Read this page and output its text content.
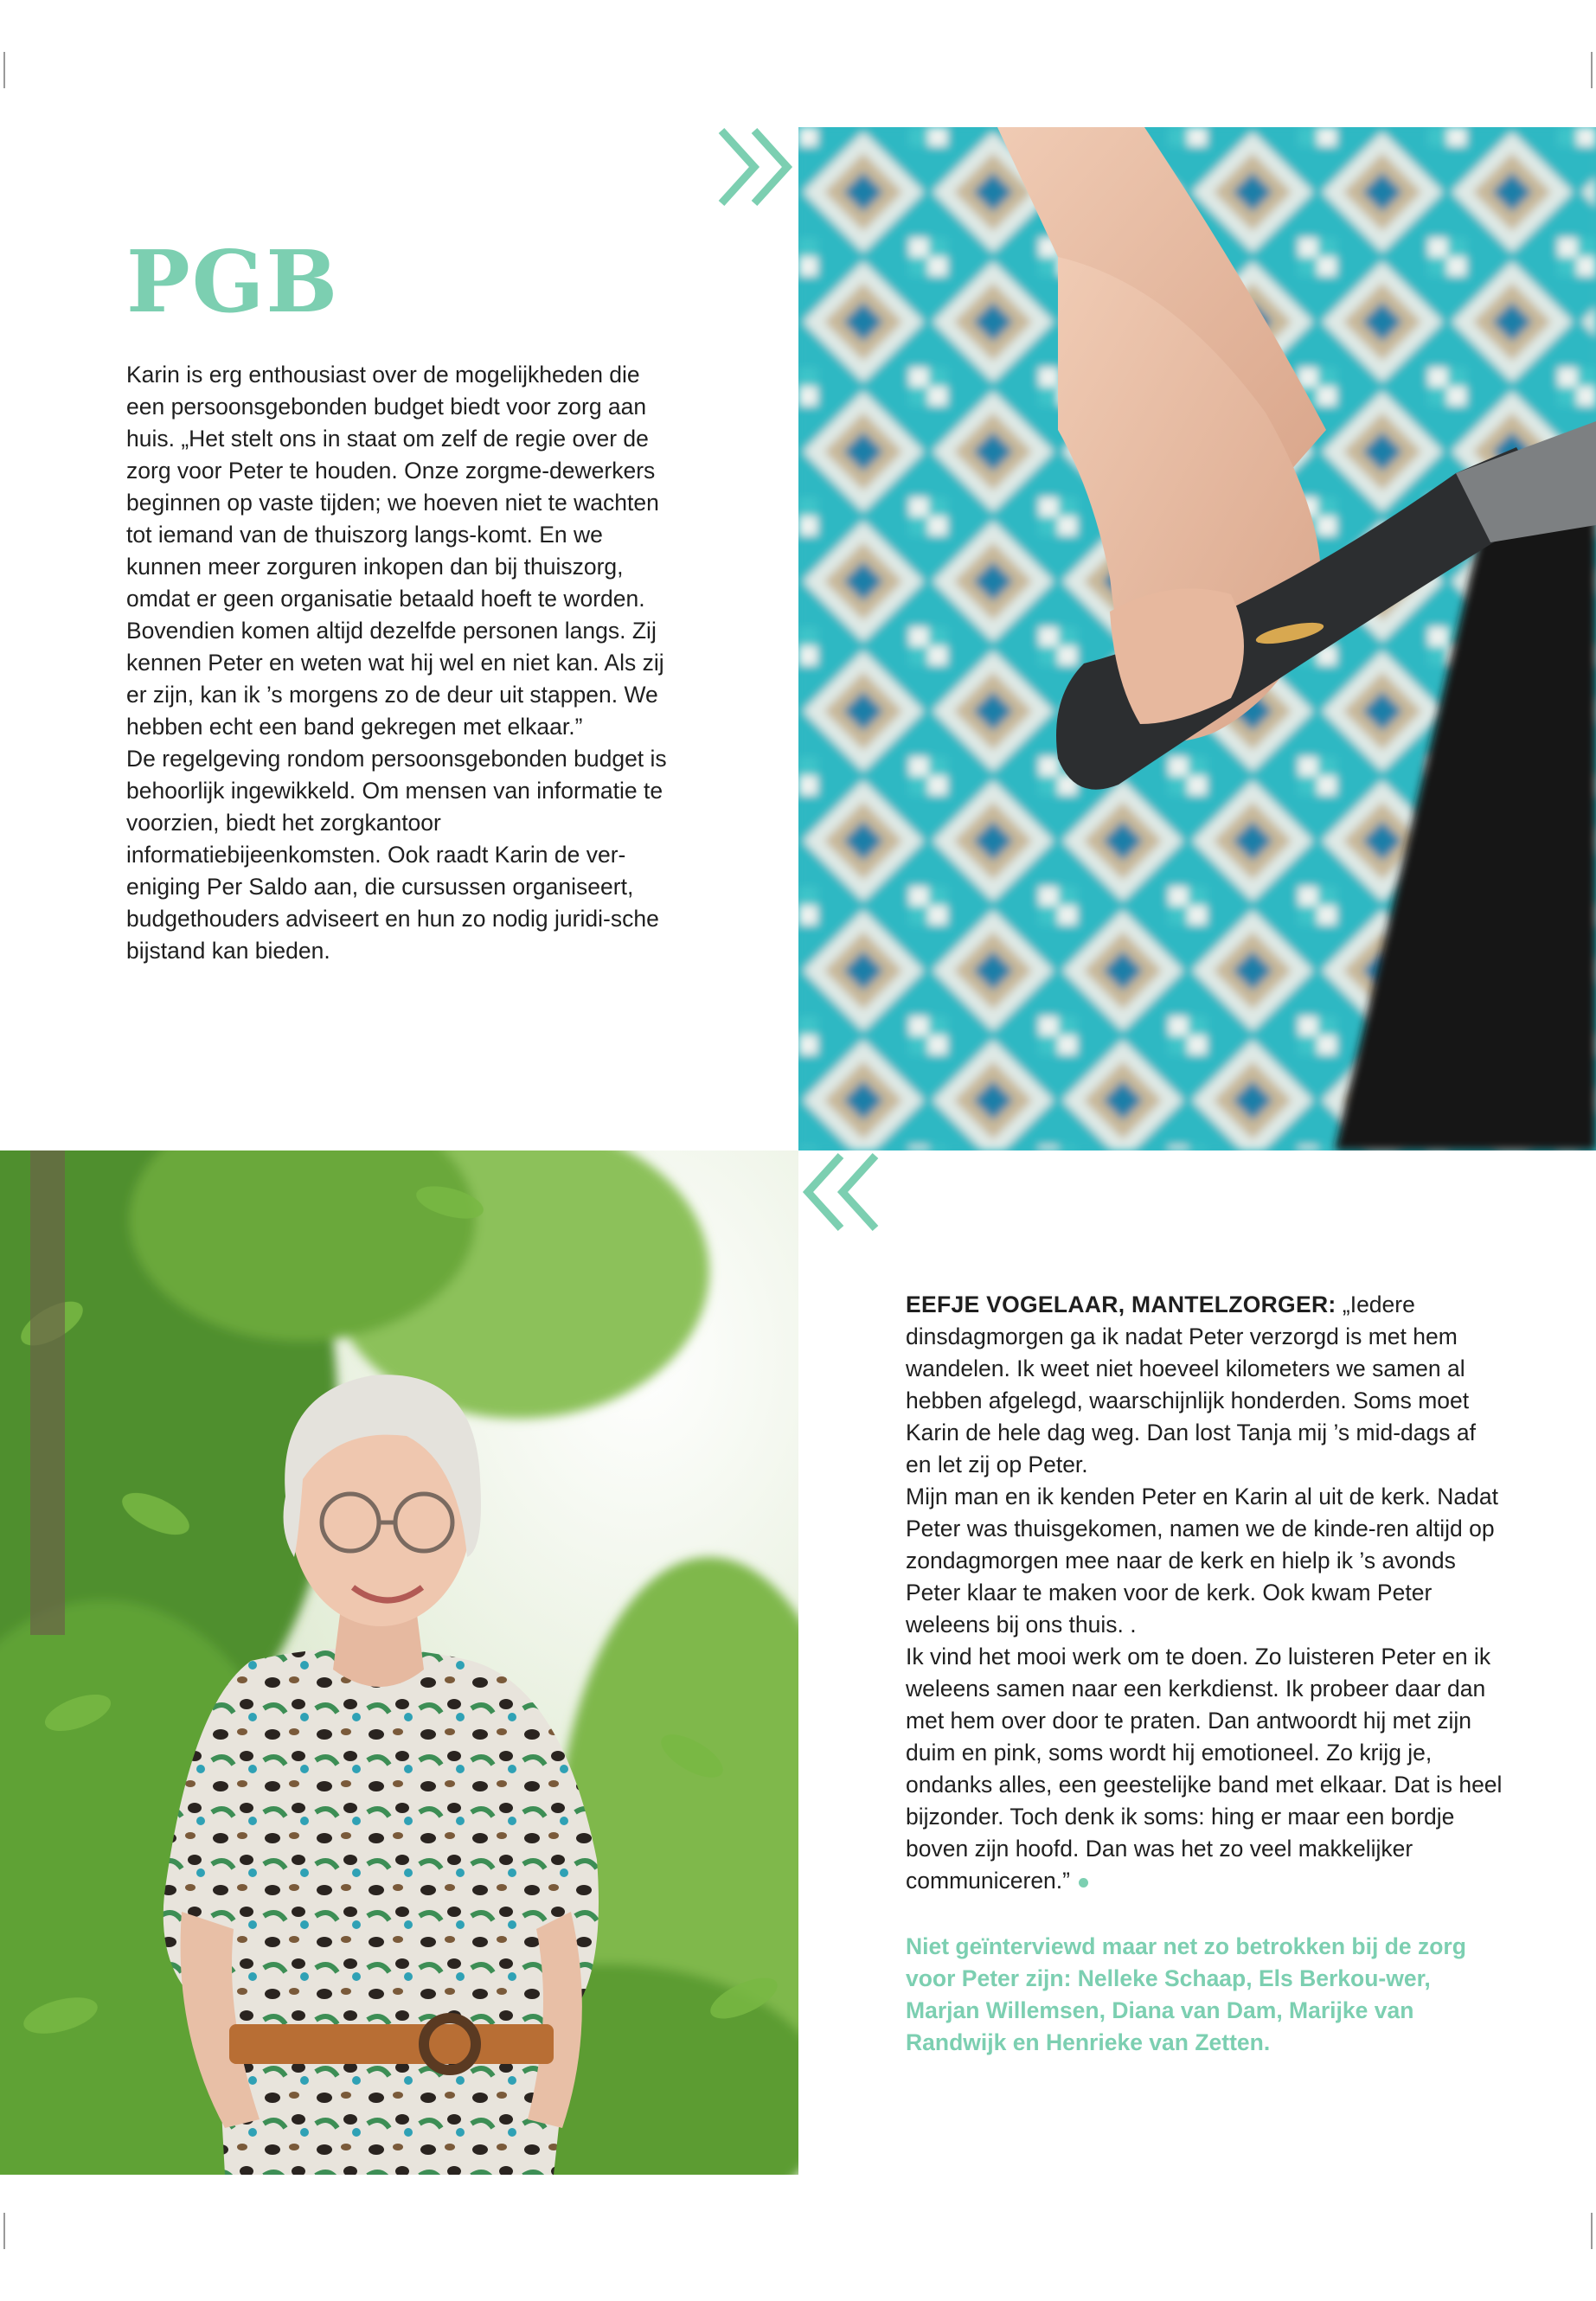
PGB

Karin is erg enthousiast over de mogelijkheden die een persoonsgebonden budget biedt voor zorg aan huis. „Het stelt ons in staat om zelf de regie over de zorg voor Peter te houden. Onze zorgme-dewerkers beginnen op vaste tijden; we hoeven niet te wachten tot iemand van de thuiszorg langs-komt. En we kunnen meer zorguren inkopen dan bij thuiszorg, omdat er geen organisatie betaald hoeft te worden. Bovendien komen altijd dezelfde personen langs. Zij kennen Peter en weten wat hij wel en niet kan. Als zij er zijn, kan ik ’s morgens zo de deur uit stappen. We hebben echt een band gekregen met elkaar.”

De regelgeving rondom persoonsgebonden budget is behoorlijk ingewikkeld. Om mensen van informatie te voorzien, biedt het zorgkantoor informatiebijeenkomsten. Ook raadt Karin de ver-eniging Per Saldo aan, die cursussen organiseert, budgethouders adviseert en hun zo nodig juridi-sche bijstand kan bieden.

EEFJE VOGELAAR, MANTELZORGER: „Iedere dinsdagmorgen ga ik nadat Peter verzorgd is met hem wandelen. Ik weet niet hoeveel kilometers we samen al hebben afgelegd, waarschijnlijk honderden. Soms moet Karin de hele dag weg. Dan lost Tanja mij ’s mid-dags af en let zij op Peter.

Mijn man en ik kenden Peter en Karin al uit de kerk. Nadat Peter was thuisgekomen, namen we de kinde-ren altijd op zondagmorgen mee naar de kerk en hielp ik ’s avonds Peter klaar te maken voor de kerk. Ook kwam Peter weleens bij ons thuis. .

Ik vind het mooi werk om te doen. Zo luisteren Peter en ik weleens samen naar een kerkdienst. Ik probeer daar dan met hem over door te praten. Dan antwoordt hij met zijn duim en pink, soms wordt hij emotioneel. Zo krijg je, ondanks alles, een geestelijke band met elkaar. Dat is heel bijzonder. Toch denk ik soms: hing er maar een bordje boven zijn hoofd. Dan was het zo veel makkelijker communiceren.”

Niet geïnterviewd maar net zo betrokken bij de zorg voor Peter zijn: Nelleke Schaap, Els Berkou-wer, Marjan Willemsen, Diana van Dam, Marijke van Randwijk en Henrieke van Zetten.
